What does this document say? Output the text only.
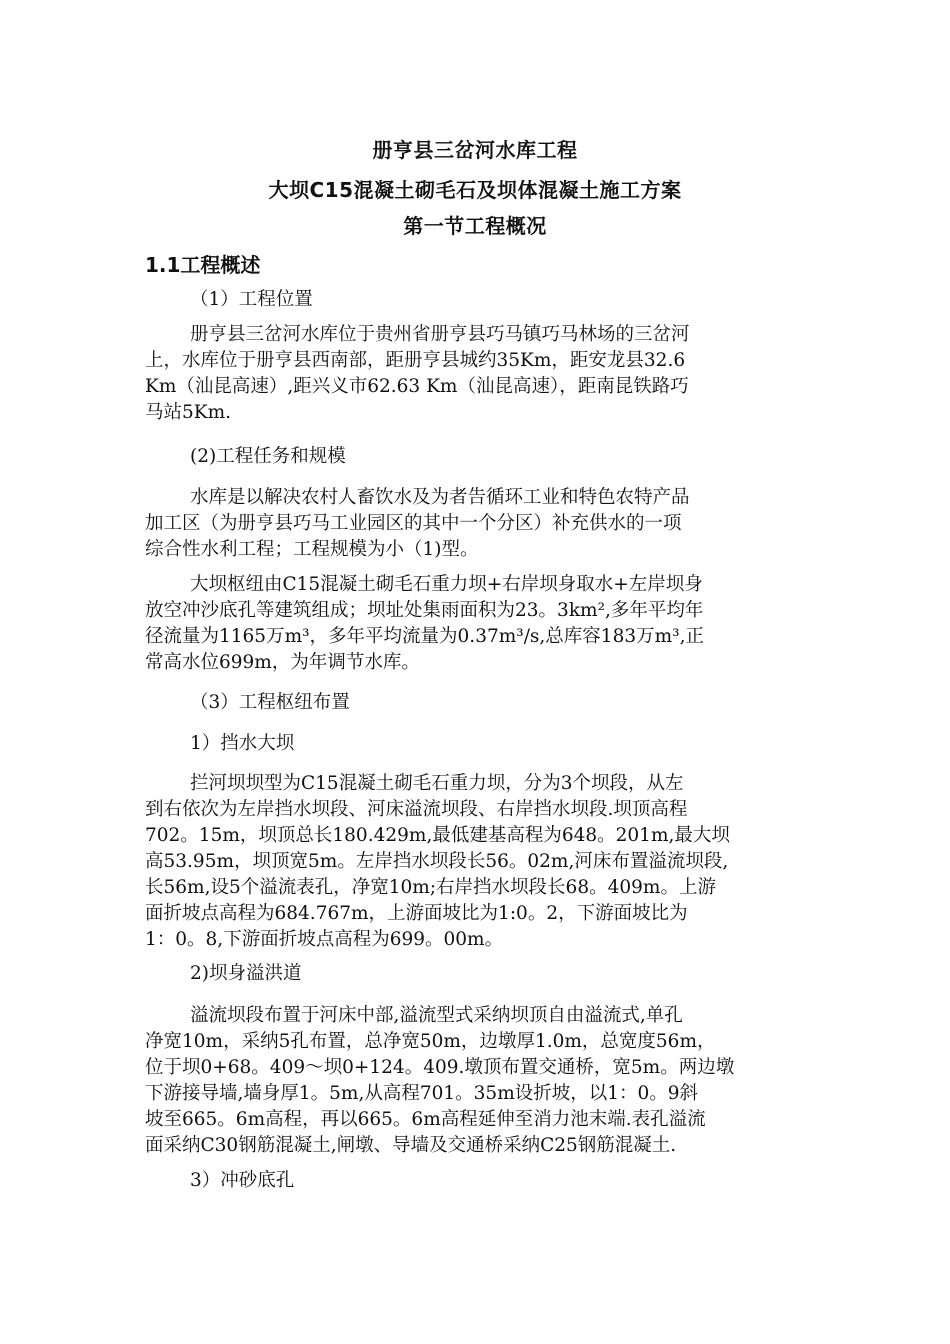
册亨县三岔河水库工程
大坝C15混凝土砌毛石及坝体混凝土施工方案
第一节工程概况
1.1工程概述
（1）工程位置
册亨县三岔河水库位于贵州省册亨县巧马镇巧马林场的三岔河
上，水库位于册亨县西南部，距册亨县城约35Km，距安龙县32.6
Km（汕昆高速）,距兴义市62.63 Km（汕昆高速），距南昆铁路巧
马站5Km.
(2)工程任务和规模
水库是以解决农村人畜饮水及为者告循环工业和特色农特产品
加工区（为册亨县巧马工业园区的其中一个分区）补充供水的一项
综合性水利工程；工程规模为小（1)型。
大坝枢纽由C15混凝土砌毛石重力坝+右岸坝身取水+左岸坝身
放空冲沙底孔等建筑组成；坝址处集雨面积为23。3km²,多年平均年
径流量为1165万m³，多年平均流量为0.37m³/s,总库容183万m³,正
常高水位699m，为年调节水库。
（3）工程枢纽布置
1）挡水大坝
拦河坝坝型为C15混凝土砌毛石重力坝，分为3个坝段，从左
到右依次为左岸挡水坝段、河床溢流坝段、右岸挡水坝段.坝顶高程
702。15m，坝顶总长180.429m,最低建基高程为648。201m,最大坝
高53.95m，坝顶宽5m。左岸挡水坝段长56。02m,河床布置溢流坝段,
长56m,设5个溢流表孔，净宽10m;右岸挡水坝段长68。409m。上游
面折坡点高程为684.767m，上游面坡比为1:0。2，下游面坡比为
1：0。8,下游面折坡点高程为699。00m。
2)坝身溢洪道
溢流坝段布置于河床中部,溢流型式采纳坝顶自由溢流式,单孔
净宽10m，采纳5孔布置，总净宽50m，边墩厚1.0m，总宽度56m，
位于坝0+68。409～坝0+124。409.墩顶布置交通桥，宽5m。两边墩
下游接导墙,墙身厚1。5m,从高程701。35m设折坡，以1：0。9斜
坡至665。6m高程，再以665。6m高程延伸至消力池末端.表孔溢流
面采纳C30钢筋混凝土,闸墩、导墙及交通桥采纳C25钢筋混凝土.
3）冲砂底孔
